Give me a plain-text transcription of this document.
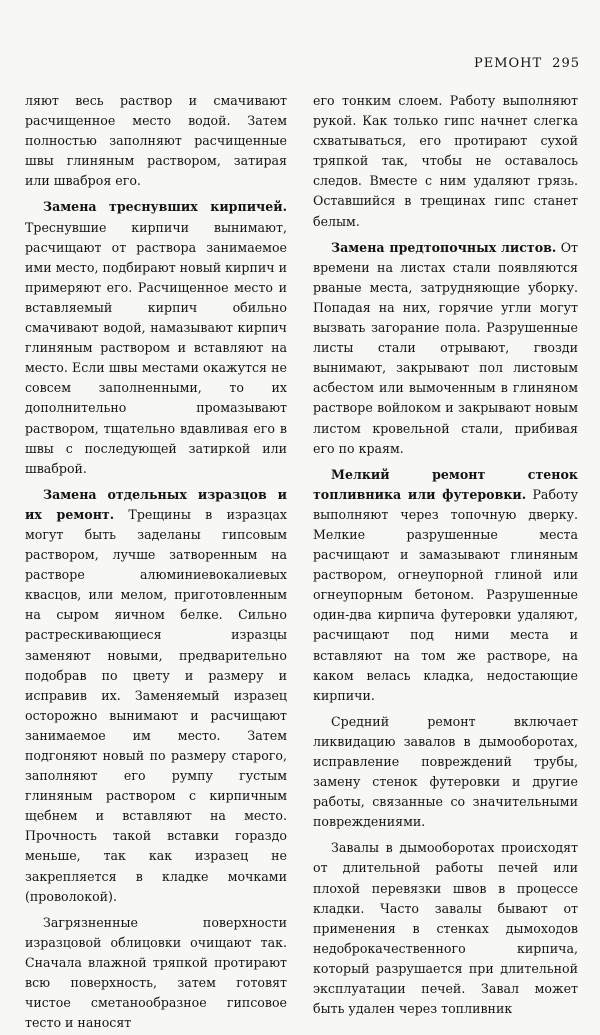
РЕМОНТ 295

ляют весь раствор и смачивают расчищенное место водой. Затем полностью заполняют расчищенные швы глиняным раствором, затирая или шваброя его.

Замена треснувших кирпичей. Треснувшие кирпичи вынимают, расчищают от раствора занимаемое ими место, подбирают новый кирпич и примеряют его. Расчищенное место и вставляемый кирпич обильно смачивают водой, намазывают кирпич глиняным раствором и вставляют на место. Если швы местами окажутся не совсем заполненными, то их дополнительно промазывают раствором, тщательно вдавливая его в швы с последующей затиркой или шваброй.

Замена отдельных изразцов и их ремонт. Трещины в изразцах могут быть заделаны гипсовым раствором, лучше затворенным на растворе алюминиевокалиевых квасцов, или мелом, приготовленным на сыром яичном белке. Сильно растрескивающиеся изразцы заменяют новыми, предварительно подобрав по цвету и размеру и исправив их. Заменяемый изразец осторожно вынимают и расчищают занимаемое им место. Затем подгоняют новый по размеру старого, заполняют его румпу густым глиняным раствором с кирпичным щебнем и вставляют на место. Прочность такой вставки гораздо меньше, так как изразец не закрепляется в кладке мочками (проволокой).

Загрязненные поверхности изразцовой облицовки очищают так. Сначала влажной тряпкой протирают всю поверхность, затем готовят чистое сметанообразное гипсовое тесто и наносят

его тонким слоем. Работу выполняют рукой. Как только гипс начнет слегка схватываться, его протирают сухой тряпкой так, чтобы не оставалось следов. Вместе с ним удаляют грязь. Оставшийся в трещинах гипс станет белым.

Замена предтопочных листов. От времени на листах стали появляются рваные места, затрудняющие уборку. Попадая на них, горячие угли могут вызвать загорание пола. Разрушенные листы стали отрывают, гвозди вынимают, закрывают пол листовым асбестом или вымоченным в глиняном растворе войлоком и закрывают новым листом кровельной стали, прибивая его по краям.

Мелкий ремонт стенок топливника или футеровки. Работу выполняют через топочную дверку. Мелкие разрушенные места расчищают и замазывают глиняным раствором, огнеупорной глиной или огнеупорным бетоном. Разрушенные один-два кирпича футеровки удаляют, расчищают под ними места и вставляют на том же растворе, на каком велась кладка, недостающие кирпичи.

Средний ремонт включает ликвидацию завалов в дымооборотах, исправление повреждений трубы, замену стенок футеровки и другие работы, связанные со значительными повреждениями.

Завалы в дымооборотах происходят от длительной работы печей или плохой перевязки швов в процессе кладки. Часто завалы бывают от применения в стенках дымоходов недоброкачественного кирпича, который разрушается при длительной эксплуатации печей. Завал может быть удален через топливник
